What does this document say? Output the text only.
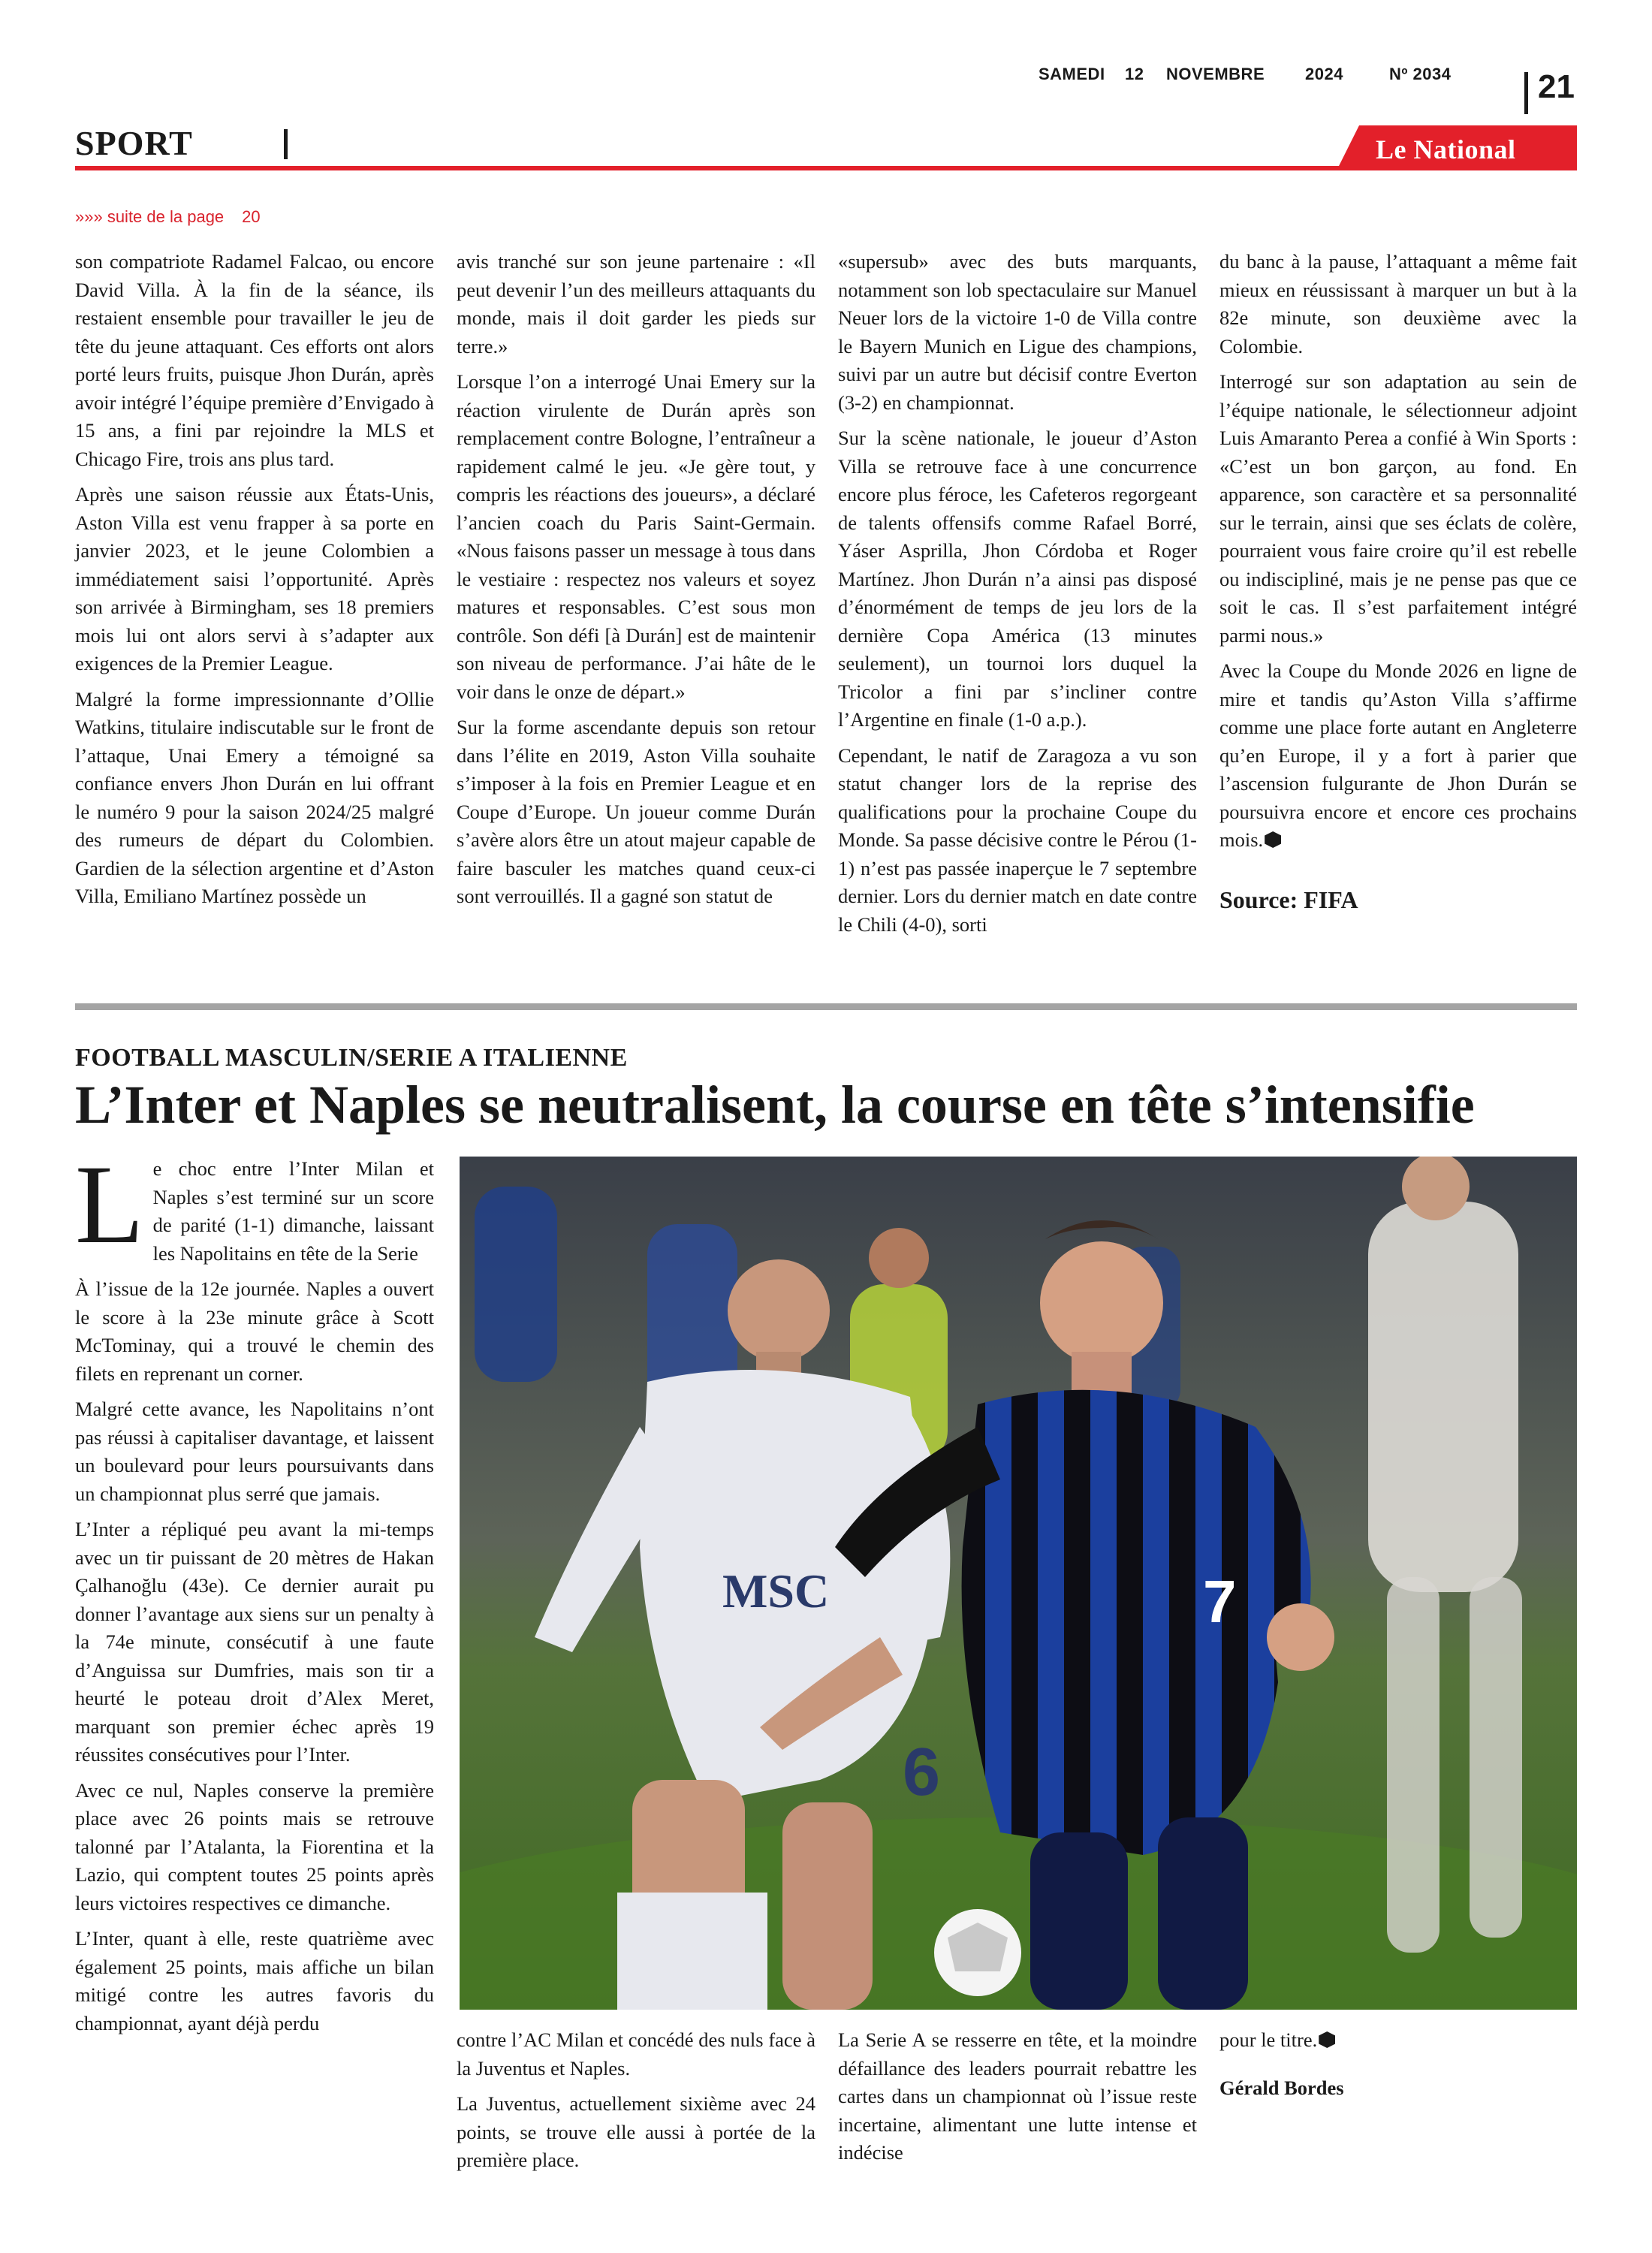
SAMEDI 12 NOVEMBRE 2024	Nº 2034	21
SPORT	Le National
»»» suite de la page 20

son compatriote Radamel Falcao, ou encore David Villa. À la fin de la séance, ils restaient ensemble pour travailler le jeu de tête du jeune attaquant. Ces efforts ont alors porté leurs fruits, puisque Jhon Durán, après avoir intégré l’équipe première d’Envigado à 15 ans, a fini par rejoindre la MLS et Chicago Fire, trois ans plus tard.

Après une saison réussie aux États-Unis, Aston Villa est venu frapper à sa porte en janvier 2023, et le jeune Colombien a immédiatement saisi l’opportunité. Après son arrivée à Birmingham, ses 18 premiers mois lui ont alors servi à s’adapter aux exigences de la Premier League.

Malgré la forme impressionnante d’Ollie Watkins, titulaire indiscutable sur le front de l’attaque, Unai Emery a témoigné sa confiance envers Jhon Durán en lui offrant le numéro 9 pour la saison 2024/25 malgré des rumeurs de départ du Colombien. Gardien de la sélection argentine et d’Aston Villa, Emiliano Martínez possède un

avis tranché sur son jeune partenaire : «Il peut devenir l’un des meilleurs attaquants du monde, mais il doit garder les pieds sur terre.»

Lorsque l’on a interrogé Unai Emery sur la réaction virulente de Durán après son remplacement contre Bologne, l’entraîneur a rapidement calmé le jeu. «Je gère tout, y compris les réactions des joueurs», a déclaré l’ancien coach du Paris Saint-Germain. «Nous faisons passer un message à tous dans le vestiaire : respectez nos valeurs et soyez matures et responsables. C’est sous mon contrôle. Son défi [à Durán] est de maintenir son niveau de performance. J’ai hâte de le voir dans le onze de départ.»

Sur la forme ascendante depuis son retour dans l’élite en 2019, Aston Villa souhaite s’imposer à la fois en Premier League et en Coupe d’Europe. Un joueur comme Durán s’avère alors être un atout majeur capable de faire basculer les matches quand ceux-ci sont verrouillés. Il a gagné son statut de

«supersub» avec des buts marquants, notamment son lob spectaculaire sur Manuel Neuer lors de la victoire 1-0 de Villa contre le Bayern Munich en Ligue des champions, suivi par un autre but décisif contre Everton (3-2) en championnat.

Sur la scène nationale, le joueur d’Aston Villa se retrouve face à une concurrence encore plus féroce, les Cafeteros regorgeant de talents offensifs comme Rafael Borré, Yáser Asprilla, Jhon Córdoba et Roger Martínez. Jhon Durán n’a ainsi pas disposé d’énormément de temps de jeu lors de la dernière Copa América (13 minutes seulement), un tournoi lors duquel la Tricolor a fini par s’incliner contre l’Argentine en finale (1-0 a.p.).

Cependant, le natif de Zaragoza a vu son statut changer lors de la reprise des qualifications pour la prochaine Coupe du Monde. Sa passe décisive contre le Pérou (1-1) n’est pas passée inaperçue le 7 septembre dernier. Lors du dernier match en date contre le Chili (4-0), sorti

du banc à la pause, l’attaquant a même fait mieux en réussissant à marquer un but à la 82e minute, son deuxième avec la Colombie.

Interrogé sur son adaptation au sein de l’équipe nationale, le sélectionneur adjoint Luis Amaranto Perea a confié à Win Sports : «C’est un bon garçon, au fond. En apparence, son caractère et sa personnalité sur le terrain, ainsi que ses éclats de colère, pourraient vous faire croire qu’il est rebelle ou indiscipliné, mais je ne pense pas que ce soit le cas. Il s’est parfaitement intégré parmi nous.»

Avec la Coupe du Monde 2026 en ligne de mire et tandis qu’Aston Villa s’affirme comme une place forte autant en Angleterre qu’en Europe, il y a fort à parier que l’ascension fulgurante de Jhon Durán se poursuivra encore et encore ces prochains mois.

Source: FIFA

FOOTBALL MASCULIN/SERIE A ITALIENNE
L’Inter et Naples se neutralisent, la course en tête s’intensifie

Le choc entre l’Inter Milan et Naples s’est terminé sur un score de parité (1-1) dimanche, laissant les Napolitains en tête de la Serie

À l’issue de la 12e journée. Naples a ouvert le score à la 23e minute grâce à Scott McTominay, qui a trouvé le chemin des filets en reprenant un corner.

Malgré cette avance, les Napolitains n’ont pas réussi à capitaliser davantage, et laissent un boulevard pour leurs poursuivants dans un championnat plus serré que jamais.

L’Inter a répliqué peu avant la mi-temps avec un tir puissant de 20 mètres de Hakan Çalhanoğlu (43e). Ce dernier aurait pu donner l’avantage aux siens sur un penalty à la 74e minute, consécutif à une faute d’Anguissa sur Dumfries, mais son tir a heurté le poteau droit d’Alex Meret, marquant son premier échec après 19 réussites consécutives pour l’Inter.

Avec ce nul, Naples conserve la première place avec 26 points mais se retrouve talonné par l’Atalanta, la Fiorentina et la Lazio, qui comptent toutes 25 points après leurs victoires respectives ce dimanche.

L’Inter, quant à elle, reste quatrième avec également 25 points, mais affiche un bilan mitigé contre les autres favoris du championnat, ayant déjà perdu

MSC
6
7

contre l’AC Milan et concédé des nuls face à la Juventus et Naples.

La Juventus, actuellement sixième avec 24 points, se trouve elle aussi à portée de la première place.

La Serie A se resserre en tête, et la moindre défaillance des leaders pourrait rebattre les cartes dans un championnat où l’issue reste incertaine, alimentant une lutte intense et indécise

pour le titre.

Gérald Bordes
